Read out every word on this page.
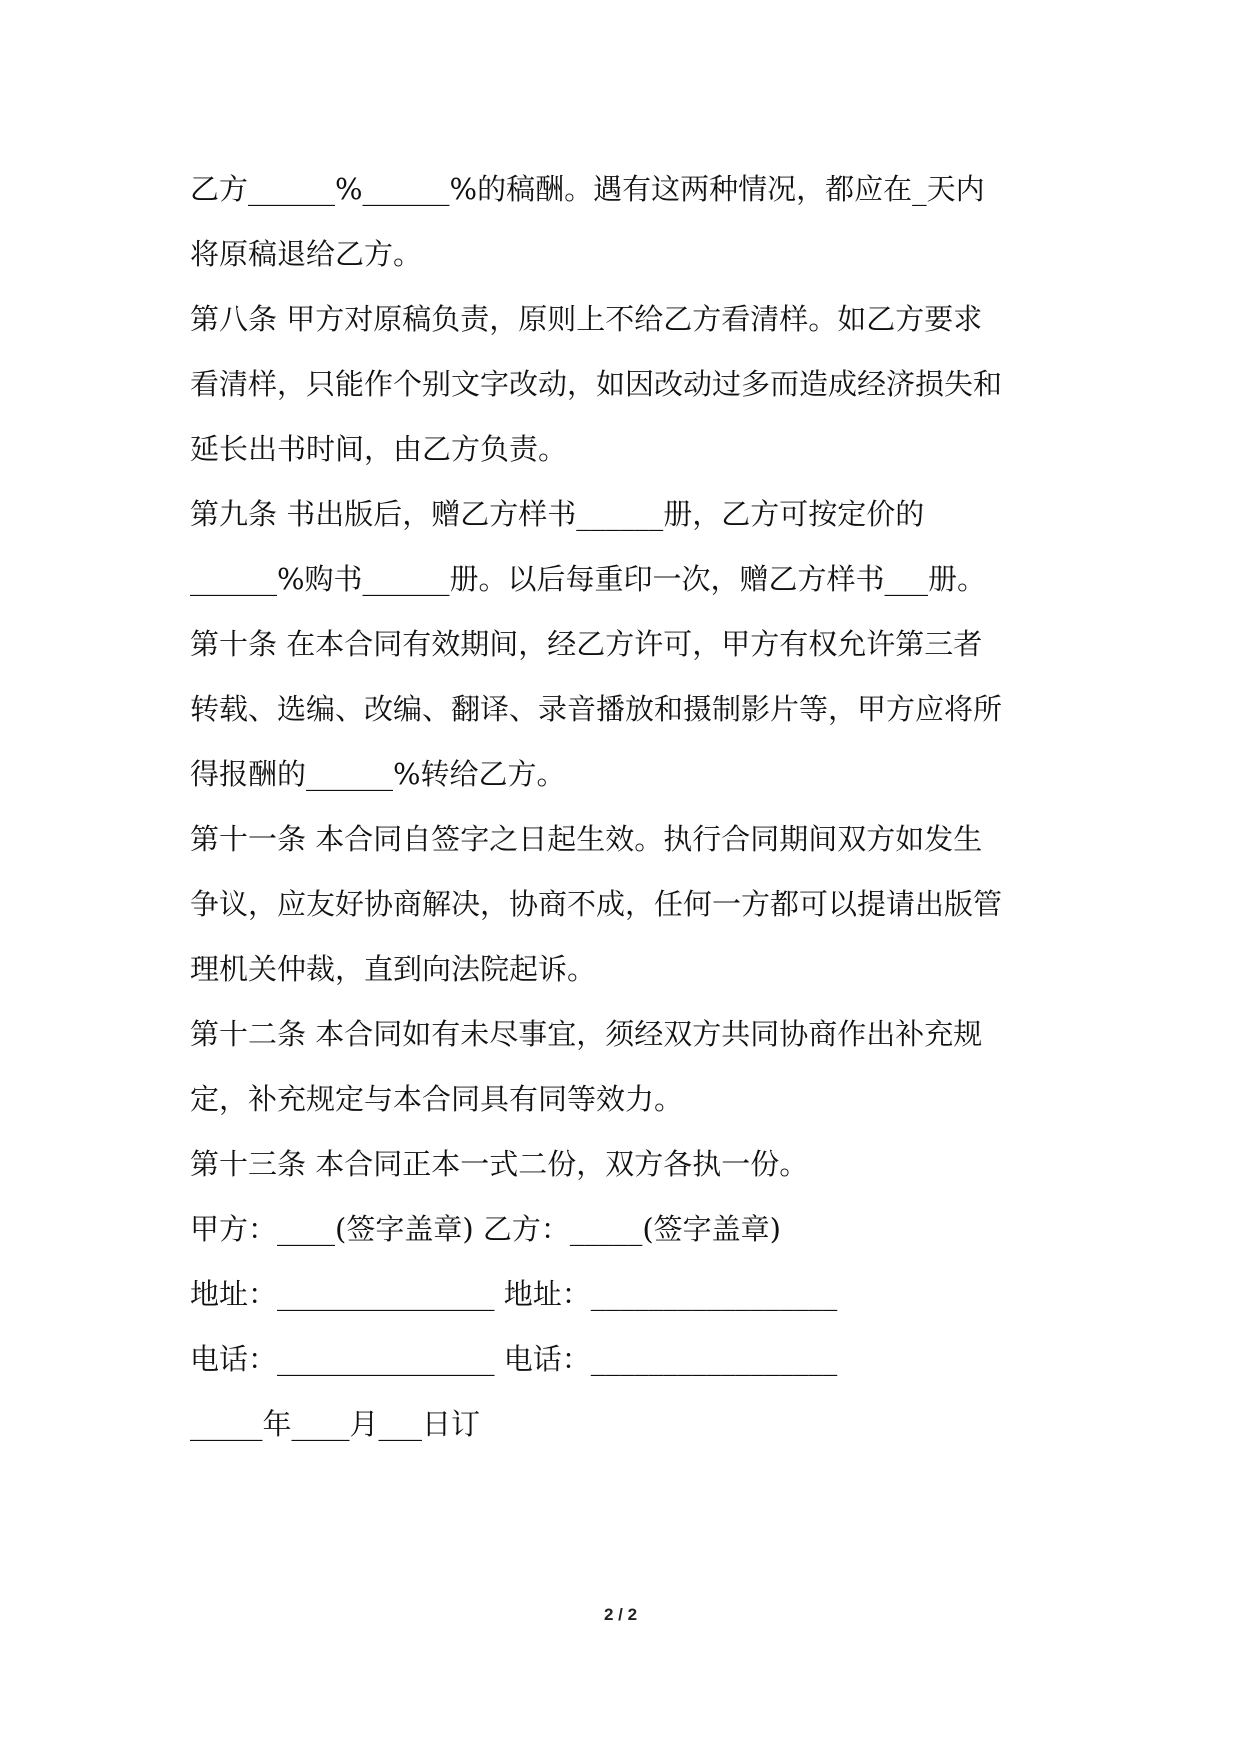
乙方______%______%的稿酬。遇有这两种情况，都应在_天内
将原稿退给乙方。
第八条 甲方对原稿负责，原则上不给乙方看清样。如乙方要求
看清样，只能作个别文字改动，如因改动过多而造成经济损失和
延长出书时间，由乙方负责。
第九条 书出版后，赠乙方样书______册，乙方可按定价的
______%购书______册。以后每重印一次，赠乙方样书___册。
第十条 在本合同有效期间，经乙方许可，甲方有权允许第三者
转载、选编、改编、翻译、录音播放和摄制影片等，甲方应将所
得报酬的______%转给乙方。
第十一条 本合同自签字之日起生效。执行合同期间双方如发生
争议，应友好协商解决，协商不成，任何一方都可以提请出版管
理机关仲裁，直到向法院起诉。
第十二条 本合同如有未尽事宜，须经双方共同协商作出补充规
定，补充规定与本合同具有同等效力。
第十三条 本合同正本一式二份，双方各执一份。
甲方：____(签字盖章) 乙方：_____(签字盖章)
地址：_______________ 地址：_________________
电话：_______________ 电话：_________________
_____年____月___日订
2 / 2
